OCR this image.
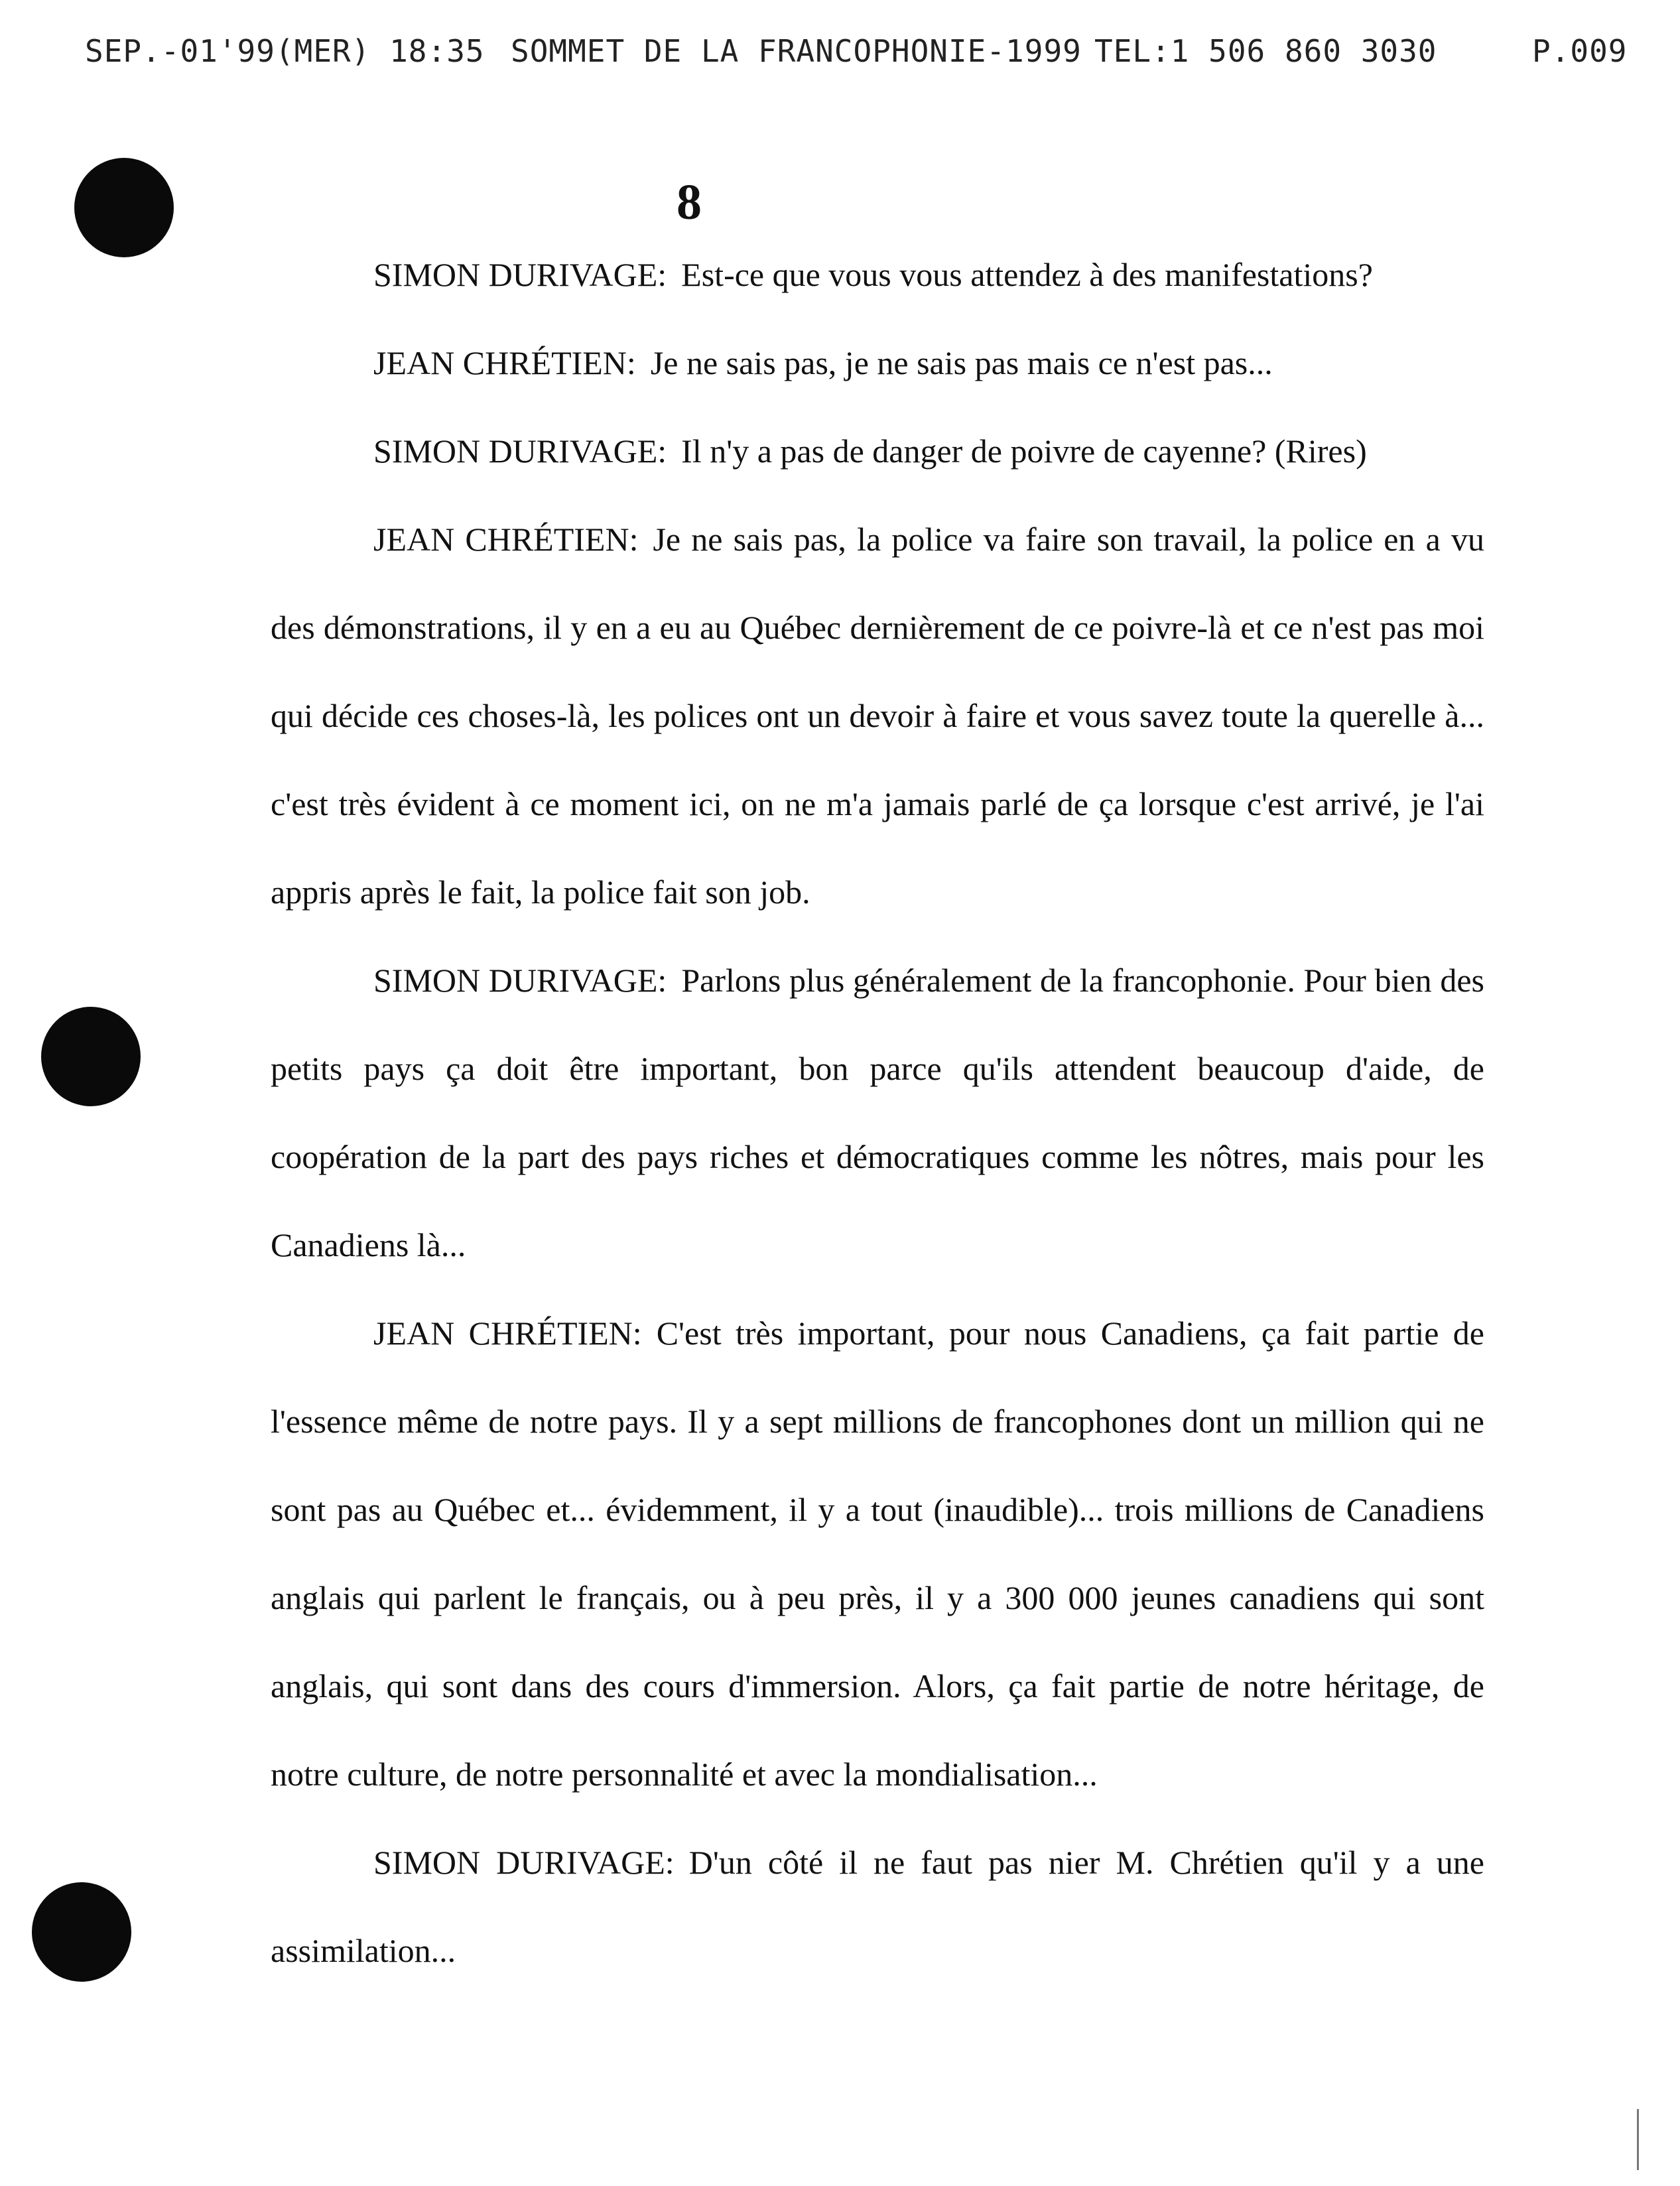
SEP.-01'99(MER) 18:35 SOMMET DE LA FRANCOPHONIE-1999 TEL:1 506 860 3030	P.009
8

SIMON DURIVAGE: Est-ce que vous vous attendez à des manifestations?

JEAN CHRÉTIEN: Je ne sais pas, je ne sais pas mais ce n'est pas...

SIMON DURIVAGE: Il n'y a pas de danger de poivre de cayenne? (Rires)

JEAN CHRÉTIEN: Je ne sais pas, la police va faire son travail, la police en a vu des démonstrations, il y en a eu au Québec dernièrement de ce poivre-là et ce n'est pas moi qui décide ces choses-là, les polices ont un devoir à faire et vous savez toute la querelle à... c'est très évident à ce moment ici, on ne m'a jamais parlé de ça lorsque c'est arrivé, je l'ai appris après le fait, la police fait son job.

SIMON DURIVAGE: Parlons plus généralement de la francophonie. Pour bien des petits pays ça doit être important, bon parce qu'ils attendent beaucoup d'aide, de coopération de la part des pays riches et démocratiques comme les nôtres, mais pour les Canadiens là...

JEAN CHRÉTIEN: C'est très important, pour nous Canadiens, ça fait partie de l'essence même de notre pays. Il y a sept millions de francophones dont un million qui ne sont pas au Québec et... évidemment, il y a tout (inaudible)... trois millions de Canadiens anglais qui parlent le français, ou à peu près, il y a 300 000 jeunes canadiens qui sont anglais, qui sont dans des cours d'immersion. Alors, ça fait partie de notre héritage, de notre culture, de notre personnalité et avec la mondialisation...

SIMON DURIVAGE: D'un côté il ne faut pas nier M. Chrétien qu'il y a une assimilation...
